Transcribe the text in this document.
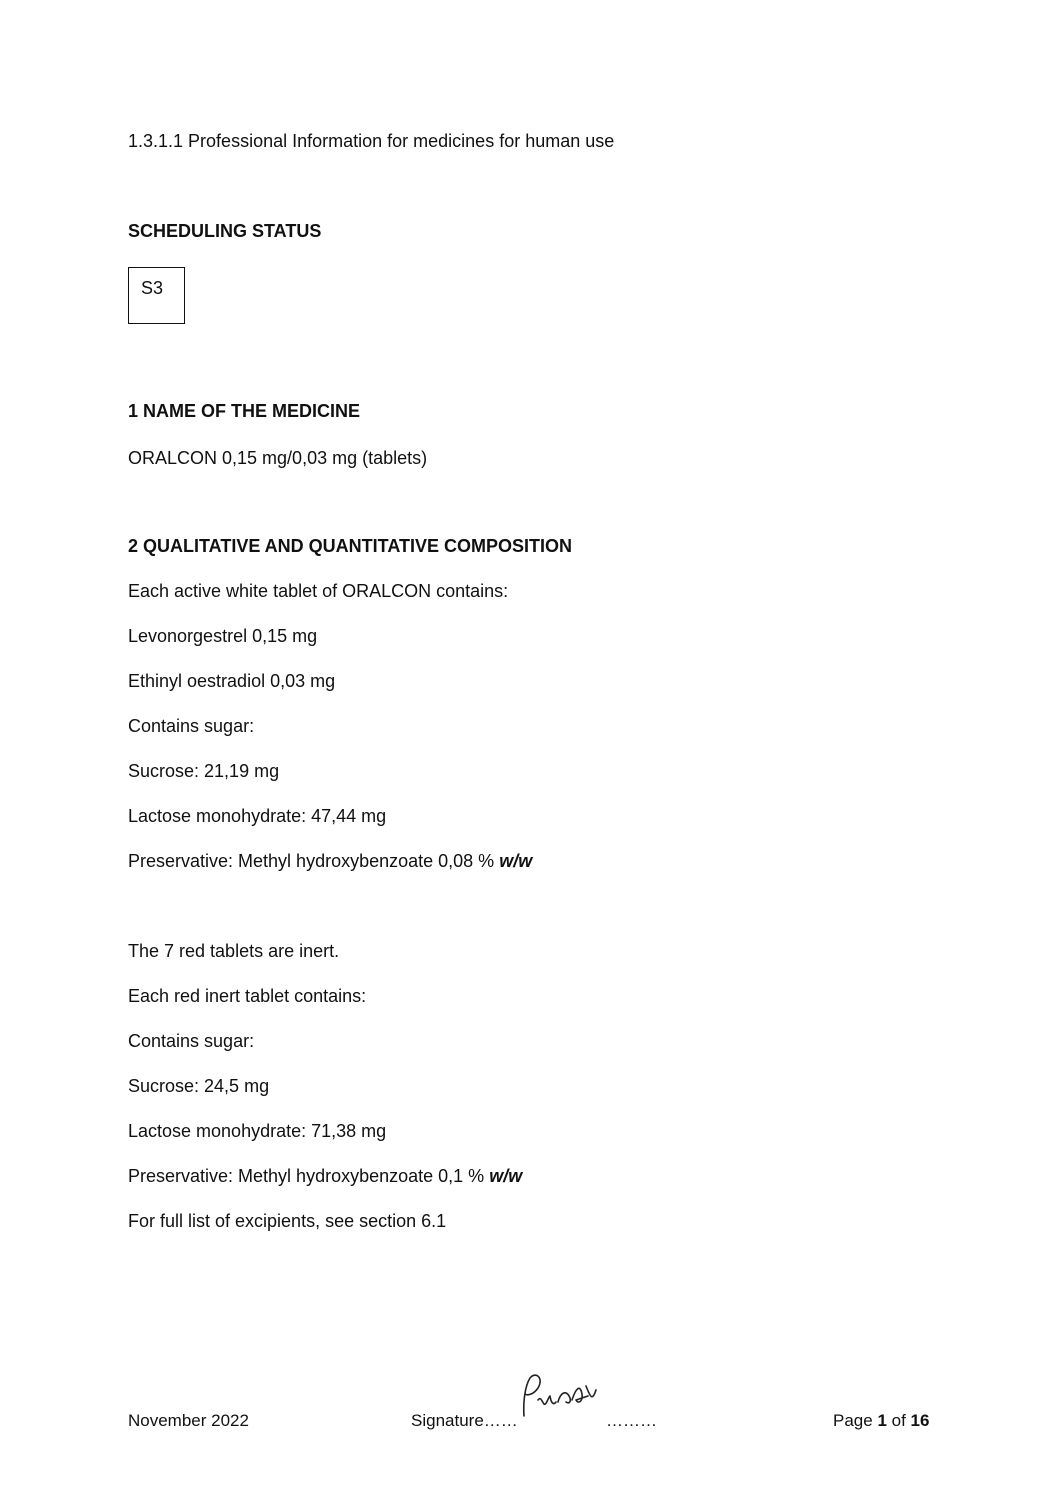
1.3.1.1 Professional Information for medicines for human use
SCHEDULING STATUS
S3
1 NAME OF THE MEDICINE
ORALCON 0,15 mg/0,03 mg (tablets)
2 QUALITATIVE AND QUANTITATIVE COMPOSITION
Each active white tablet of ORALCON contains:
Levonorgestrel 0,15 mg
Ethinyl oestradiol 0,03 mg
Contains sugar:
Sucrose: 21,19 mg
Lactose monohydrate: 47,44 mg
Preservative: Methyl hydroxybenzoate 0,08 % w/w
The 7 red tablets are inert.
Each red inert tablet contains:
Contains sugar:
Sucrose: 24,5 mg
Lactose monohydrate: 71,38 mg
Preservative: Methyl hydroxybenzoate 0,1 % w/w
For full list of excipients, see section 6.1
November 2022	Signature……	………	Page 1 of 16
